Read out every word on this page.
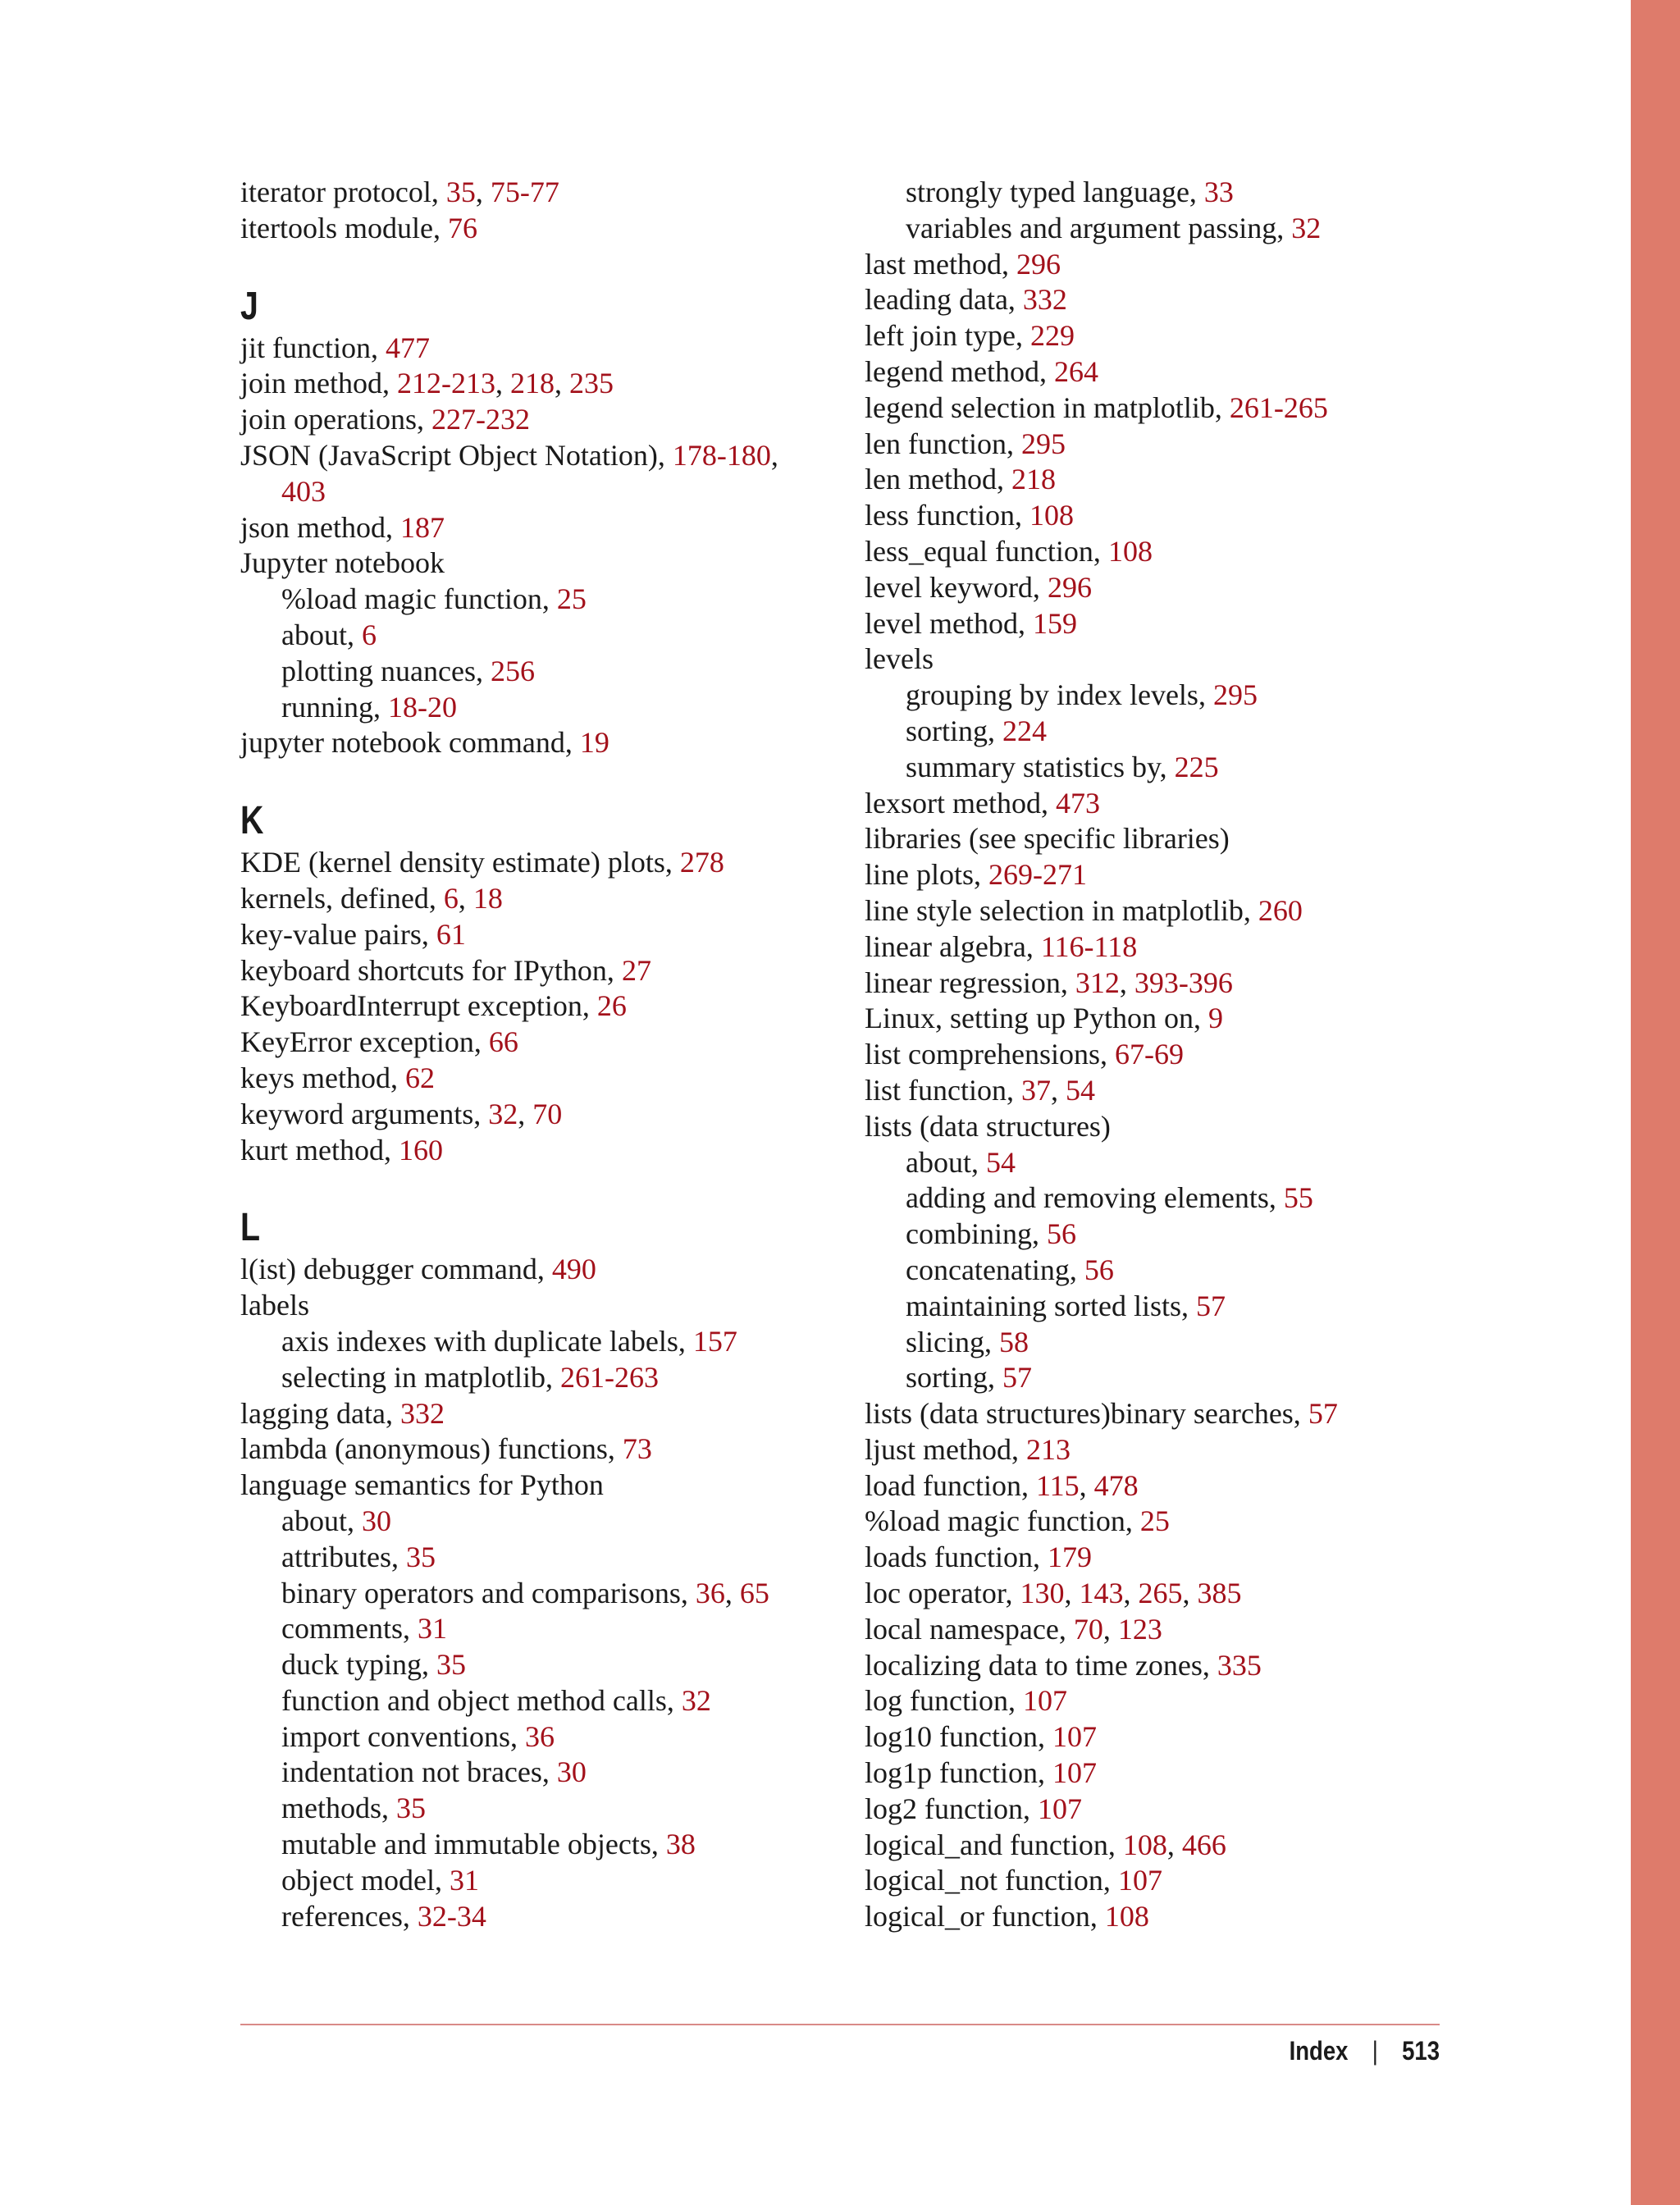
iterator protocol, 35, 75-77
itertools module, 76
J
jit function, 477
join method, 212-213, 218, 235
join operations, 227-232
JSON (JavaScript Object Notation), 178-180,
403
json method, 187
Jupyter notebook
%load magic function, 25
about, 6
plotting nuances, 256
running, 18-20
jupyter notebook command, 19
K
KDE (kernel density estimate) plots, 278
kernels, defined, 6, 18
key-value pairs, 61
keyboard shortcuts for IPython, 27
KeyboardInterrupt exception, 26
KeyError exception, 66
keys method, 62
keyword arguments, 32, 70
kurt method, 160
L
l(ist) debugger command, 490
labels
axis indexes with duplicate labels, 157
selecting in matplotlib, 261-263
lagging data, 332
lambda (anonymous) functions, 73
language semantics for Python
about, 30
attributes, 35
binary operators and comparisons, 36, 65
comments, 31
duck typing, 35
function and object method calls, 32
import conventions, 36
indentation not braces, 30
methods, 35
mutable and immutable objects, 38
object model, 31
references, 32-34
strongly typed language, 33
variables and argument passing, 32
last method, 296
leading data, 332
left join type, 229
legend method, 264
legend selection in matplotlib, 261-265
len function, 295
len method, 218
less function, 108
less_equal function, 108
level keyword, 296
level method, 159
levels
grouping by index levels, 295
sorting, 224
summary statistics by, 225
lexsort method, 473
libraries (see specific libraries)
line plots, 269-271
line style selection in matplotlib, 260
linear algebra, 116-118
linear regression, 312, 393-396
Linux, setting up Python on, 9
list comprehensions, 67-69
list function, 37, 54
lists (data structures)
about, 54
adding and removing elements, 55
combining, 56
concatenating, 56
maintaining sorted lists, 57
slicing, 58
sorting, 57
lists (data structures)binary searches, 57
ljust method, 213
load function, 115, 478
%load magic function, 25
loads function, 179
loc operator, 130, 143, 265, 385
local namespace, 70, 123
localizing data to time zones, 335
log function, 107
log10 function, 107
log1p function, 107
log2 function, 107
logical_and function, 108, 466
logical_not function, 107
logical_or function, 108
Index | 513
